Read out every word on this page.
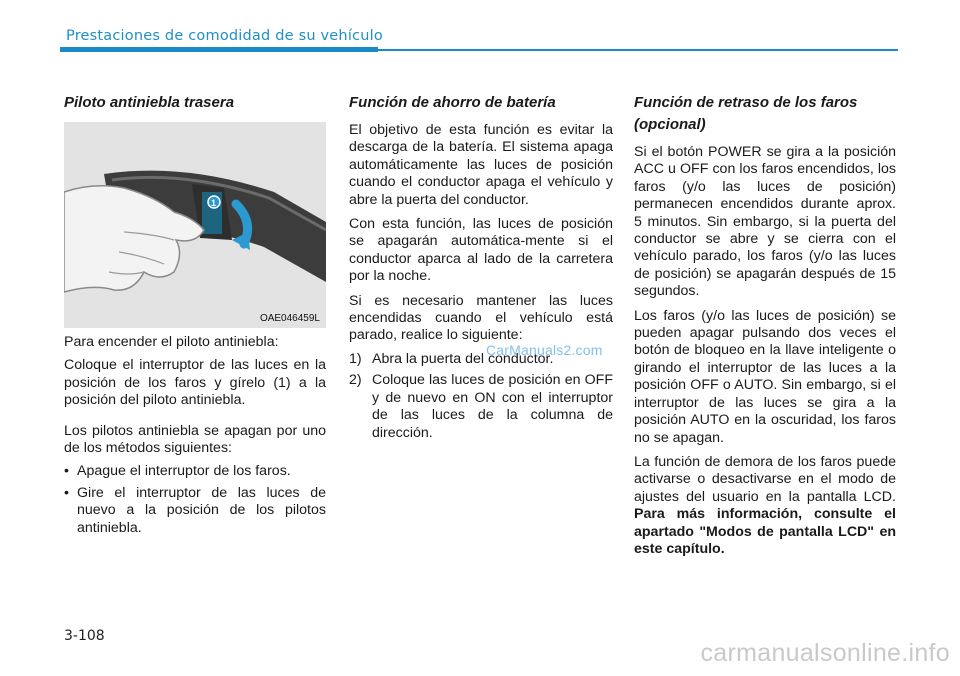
Prestaciones de comodidad de su vehículo
Piloto antiniebla trasera
1
OAE046459L

Para encender el piloto antiniebla:

Coloque el interruptor de las luces en la posición de los faros y gírelo (1) a la posición del piloto antiniebla.

Los pilotos antiniebla se apagan por uno de los métodos siguientes:

• Apague el interruptor de los faros.
• Gire el interruptor de las luces de nuevo a la posición de los pilotos antiniebla.
Función de ahorro de batería

El objetivo de esta función es evitar la descarga de la batería. El sistema apaga automáticamente las luces de posición cuando el conductor apaga el vehículo y abre la puerta del conductor.

Con esta función, las luces de posición se apagarán automática-mente si el conductor aparca al lado de la carretera por la noche.

Si es necesario mantener las luces encendidas cuando el vehículo está parado, realice lo siguiente:

1) Abra la puerta del conductor.
2) Coloque las luces de posición en OFF y de nuevo en ON con el interruptor de las luces de la columna de dirección.
Función de retraso de los faros (opcional)

Si el botón POWER se gira a la posición ACC u OFF con los faros encendidos, los faros (y/o las luces de posición) permanecen encendidos durante aprox. 5 minutos. Sin embargo, si la puerta del conductor se abre y se cierra con el vehículo parado, los faros (y/o las luces de posición) se apagarán después de 15 segundos.

Los faros (y/o las luces de posición) se pueden apagar pulsando dos veces el botón de bloqueo en la llave inteligente o girando el interruptor de las luces a la posición OFF o AUTO. Sin embargo, si el interruptor de las luces se gira a la posición AUTO en la oscuridad, los faros no se apagan.

La función de demora de los faros puede activarse o desactivarse en el modo de ajustes del usuario en la pantalla LCD. Para más información, consulte el apartado "Modos de pantalla LCD" en este capítulo.

CarManuals2.com
3-108
carmanualsonline.info
